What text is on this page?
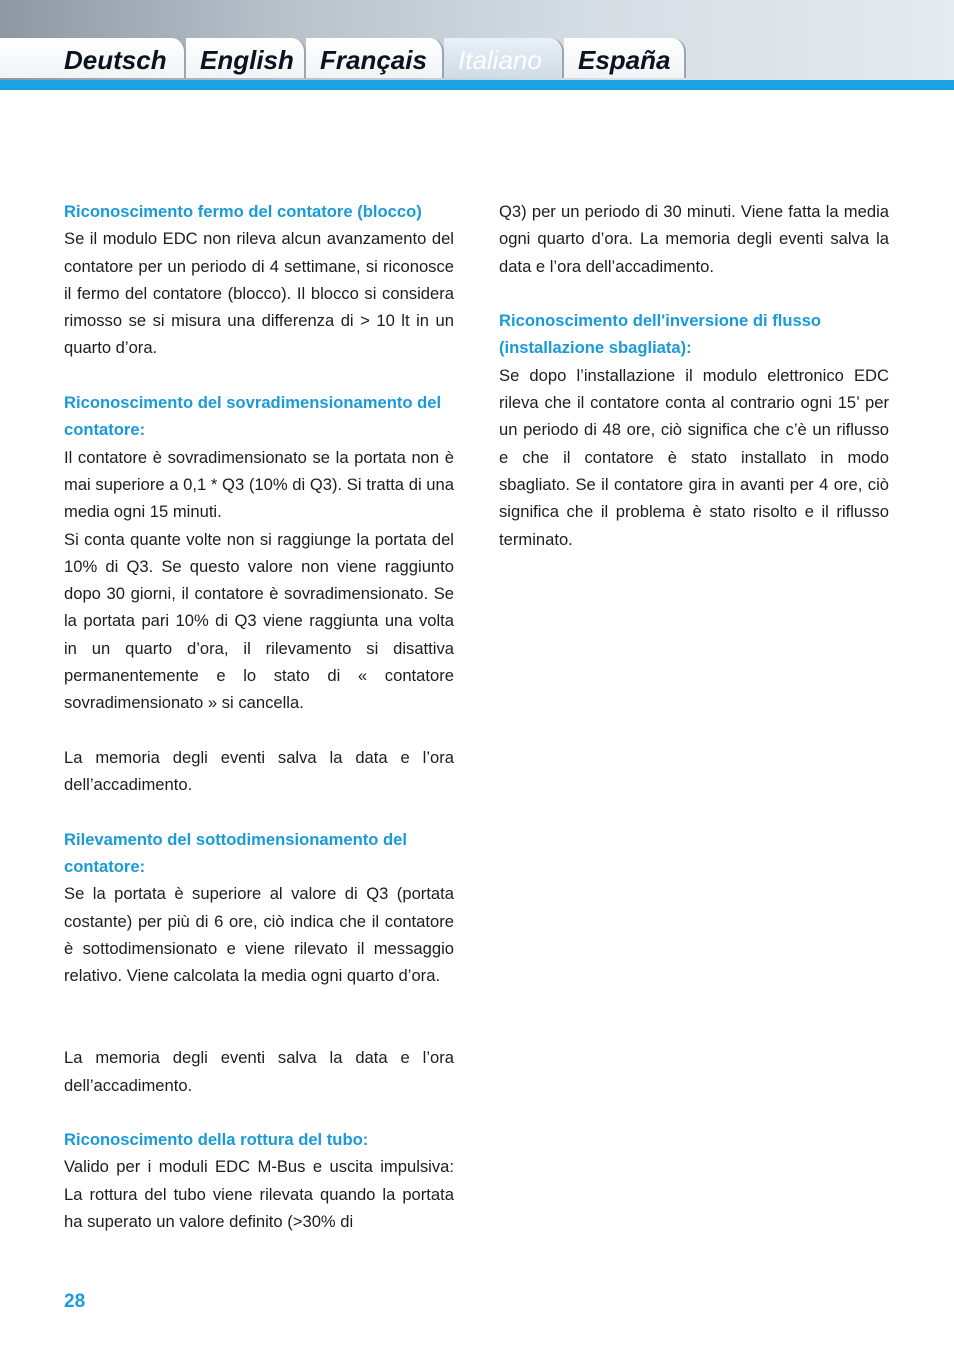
Deutsch	English	Français	Italiano	España

Riconoscimento fermo del contatore (blocco)

Se il modulo EDC non rileva alcun avanzamento del contatore per un periodo di 4 settimane, si riconosce il fermo del contatore (blocco). Il blocco si considera rimosso se si misura una differenza di > 10 lt in un quarto d’ora.

Riconoscimento del sovradimensionamento del contatore:

Il contatore è sovradimensionato se la portata non è mai superiore a 0,1 * Q3 (10% di Q3). Si tratta di una media ogni 15 minuti.

Si conta quante volte non si raggiunge la portata del 10% di Q3. Se questo valore non viene raggiunto dopo 30 giorni, il contatore è sovradimensionato. Se la portata pari 10% di Q3 viene raggiunta una volta in un quarto d’ora, il rilevamento si disattiva permanentemente e lo stato di « contatore sovradimensionato » si cancella.

La memoria degli eventi salva la data e l’ora dell’accadimento.

Rilevamento del sottodimensionamento del contatore:

Se la portata è superiore al valore di Q3 (portata costante) per più di 6 ore, ciò indica che il contatore è sottodimensionato e viene rilevato il messaggio relativo. Viene calcolata la media ogni quarto d’ora.

La memoria degli eventi salva la data e l’ora dell’accadimento.

Riconoscimento della rottura del tubo:

Valido per i moduli EDC M-Bus e uscita impulsiva: La rottura del tubo viene rilevata quando la portata ha superato un valore definito (>30% di

Q3) per un periodo di 30 minuti. Viene fatta la media ogni quarto d’ora. La memoria degli eventi salva la data e l’ora dell’accadimento.

Riconoscimento dell'inversione di flusso (installazione sbagliata):

Se dopo l’installazione il modulo elettronico EDC rileva che il contatore conta al contrario ogni 15’ per un periodo di 48 ore, ciò significa che c’è un riflusso e che il contatore è stato installato in modo sbagliato. Se il contatore gira in avanti per 4 ore, ciò significa che il problema è stato risolto e il riflusso terminato.

28
